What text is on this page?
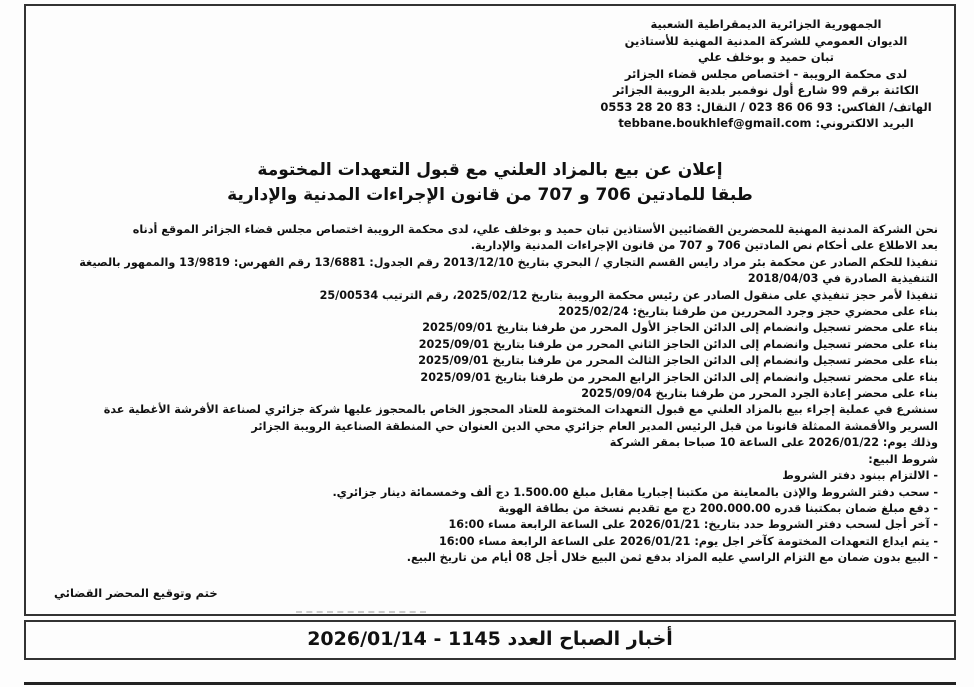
الجمهورية الجزائرية الديمقراطية الشعبية
الديوان العمومي للشركة المدنية المهنية للأستاذين
تبان حميد و بوخلف علي
لدى محكمة الرويبة - اختصاص مجلس قضاء الجزائر
الكائنة برقم 99 شارع أول نوفمبر بلدية الرويبة الجزائر
الهاتف/ الفاكس: 93 06 86 023 / النقال: 83 20 28 0553
البريد الالكتروني: tebbane.boukhlef@gmail.com
إعلان عن بيع بالمزاد العلني مع قبول التعهدات المختومة
طبقا للمادتين 706 و 707 من قانون الإجراءات المدنية والإدارية
نحن الشركة المدنية المهنية للمحضرين القضائيين الأستاذين تبان حميد و بوخلف علي، لدى محكمة الرويبة اختصاص مجلس قضاء الجزائر الموقع أدناه
بعد الاطلاع على أحكام نص المادتين 706 و 707 من قانون الإجراءات المدنية والإدارية.
تنفيذا للحكم الصادر عن محكمة بئر مراد رايس القسم التجاري / البحري بتاريخ 2013/12/10 رقم الجدول: 13/6881 رقم الفهرس: 13/9819 والممهور بالصيغة
التنفيذية الصادرة في 2018/04/03
تنفيذا لأمر حجز تنفيذي على منقول الصادر عن رئيس محكمة الرويبة بتاريخ 2025/02/12، رقم الترتيب 25/00534
بناء على محضري حجز وجرد المحررين من طرفنا بتاريخ: 2025/02/24
بناء على محضر تسجيل وانضمام إلى الدائن الحاجز الأول المحرر من طرفنا بتاريخ 2025/09/01
بناء على محضر تسجيل وانضمام إلى الدائن الحاجز الثاني المحرر من طرفنا بتاريخ 2025/09/01
بناء على محضر تسجيل وانضمام إلى الدائن الحاجز الثالث المحرر من طرفنا بتاريخ 2025/09/01
بناء على محضر تسجيل وانضمام إلى الدائن الحاجز الرابع المحرر من طرفنا بتاريخ 2025/09/01
بناء على محضر إعادة الجرد المحرر من طرفنا بتاريخ 2025/09/04
سنشرع في عملية إجراء بيع بالمزاد العلني مع قبول التعهدات المختومة للعتاد المحجوز الخاص بالمحجوز عليها شركة جزائري لصناعة الأفرشة الأغطية عدة
السرير والأقمشة الممثلة قانونا من قبل الرئيس المدير العام جزائري محي الدين العنوان حي المنطقة الصناعية الرويبة الجزائر
وذلك يوم: 2026/01/22 على الساعة 10 صباحا بمقر الشركة
شروط البيع:
- الالتزام ببنود دفتر الشروط
- سحب دفتر الشروط والإذن بالمعاينة من مكتبنا إجباريا مقابل مبلغ 1.500.00 دج ألف وخمسمائة دينار جزائري.
- دفع مبلغ ضمان بمكتبنا قدره 200.000.00 دج مع تقديم نسخة من بطاقة الهوية
- آخر أجل لسحب دفتر الشروط حدد بتاريخ: 2026/01/21 على الساعة الرابعة مساء 16:00
- يتم ايداع التعهدات المختومة كآخر اجل يوم: 2026/01/21 على الساعة الرابعة مساء 16:00
- البيع بدون ضمان مع التزام الراسي عليه المزاد بدفع ثمن البيع خلال أجل 08 أيام من تاريخ البيع.
ختم وتوقيع المحضر القضائي
أخبار الصباح العدد 1145 - 2026/01/14
